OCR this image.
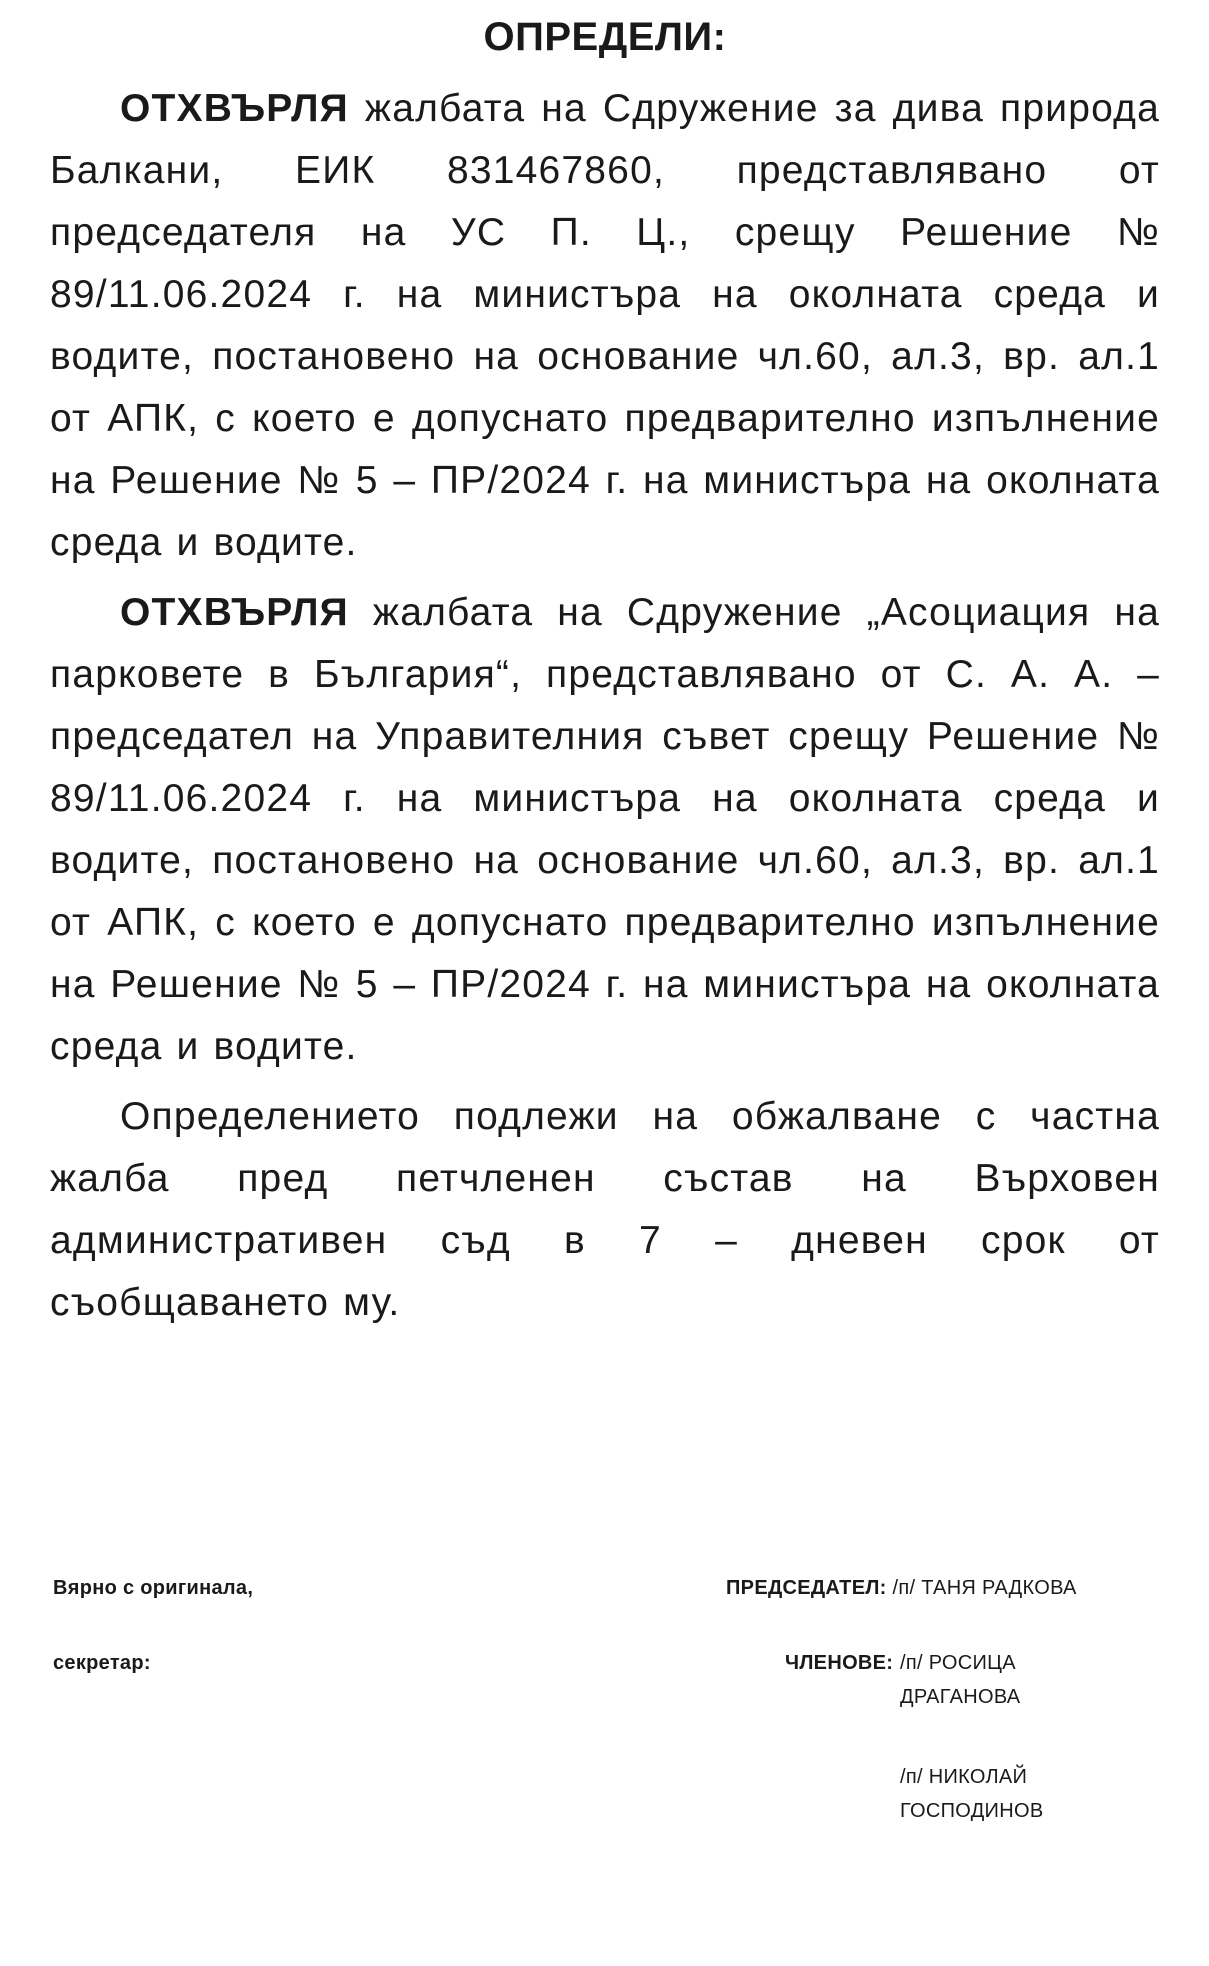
ОПРЕДЕЛИ:

ОТХВЪРЛЯ жалбата на Сдружение за дива природа Балкани, ЕИК 831467860, представлявано от председателя на УС П. Ц., срещу Решение № 89/11.06.2024 г. на министъра на околната среда и водите, постановено на основание чл.60, ал.3, вр. ал.1 от АПК, с което е допуснато предварително изпълнение на Решение № 5 – ПР/2024 г. на министъра на околната среда и водите.

ОТХВЪРЛЯ жалбата на Сдружение „Асоциация на парковете в България“, представлявано от С. А. А. – председател на Управителния съвет срещу Решение № 89/11.06.2024 г. на министъра на околната среда и водите, постановено на основание чл.60, ал.3, вр. ал.1 от АПК, с което е допуснато предварително изпълнение на Решение № 5 – ПР/2024 г. на министъра на околната среда и водите.

Определението подлежи на обжалване с частна жалба пред петчленен състав на Върховен административен съд в 7 – дневен срок от съобщаването му.

Вярно с оригинала,
секретар:
ПРЕДСЕДАТЕЛ: /п/ ТАНЯ РАДКОВА
ЧЛЕНОВЕ: /п/ РОСИЦА ДРАГАНОВА
/п/ НИКОЛАЙ ГОСПОДИНОВ
